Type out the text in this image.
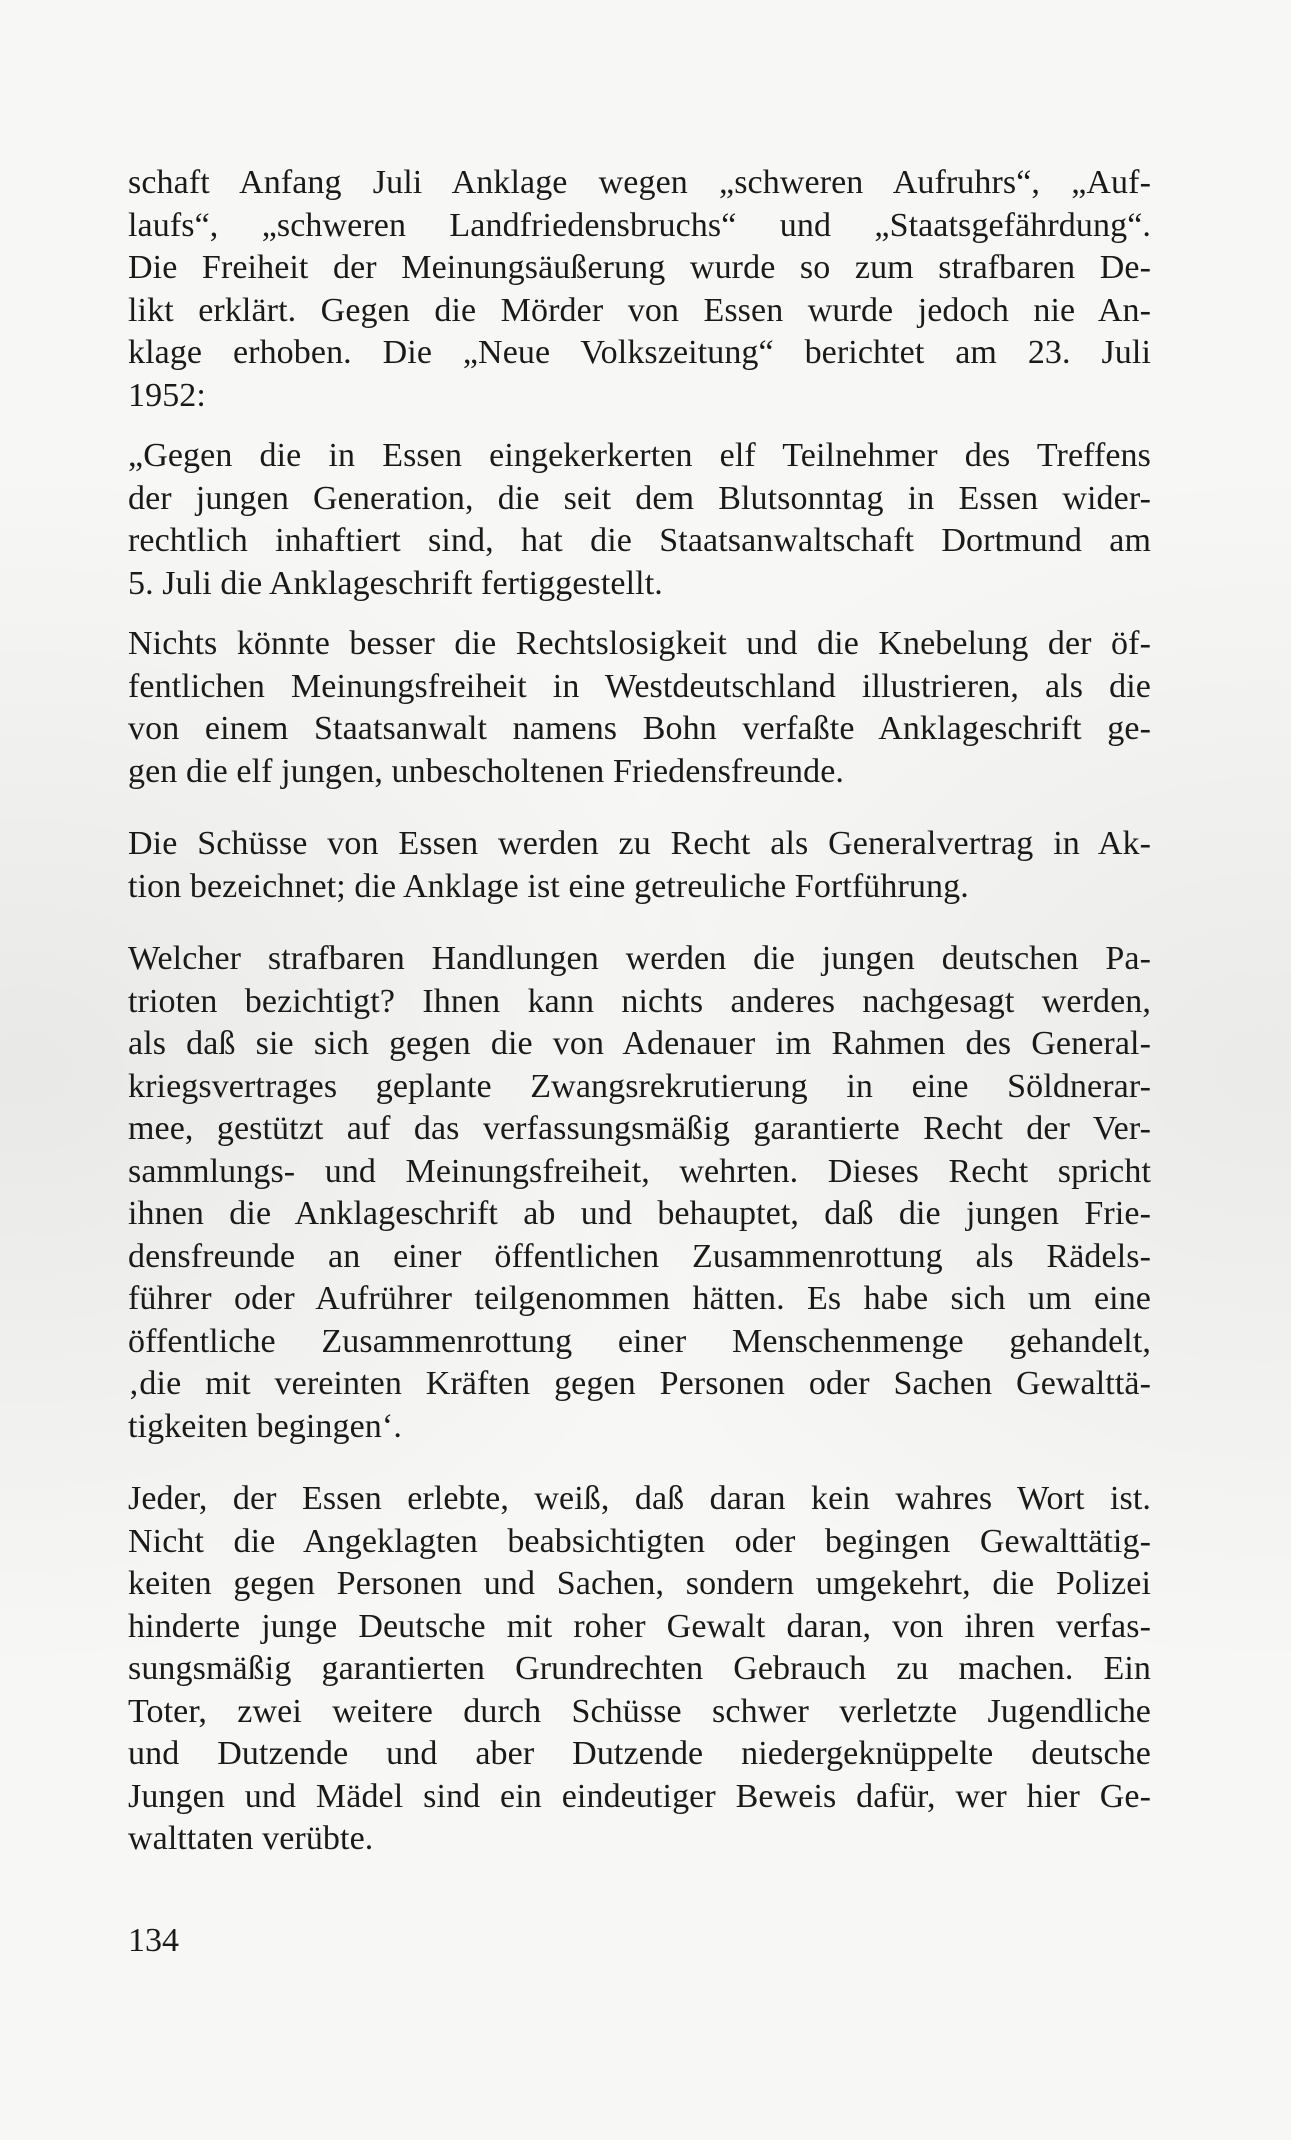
schaft Anfang Juli Anklage wegen „schweren Aufruhrs“, „Auf-
laufs“, „schweren Landfriedensbruchs“ und „Staatsgefährdung“.
Die Freiheit der Meinungsäußerung wurde so zum strafbaren De-
likt erklärt. Gegen die Mörder von Essen wurde jedoch nie An-
klage erhoben. Die „Neue Volkszeitung“ berichtet am 23. Juli
1952:

„Gegen die in Essen eingekerkerten elf Teilnehmer des Treffens
der jungen Generation, die seit dem Blutsonntag in Essen wider-
rechtlich inhaftiert sind, hat die Staatsanwaltschaft Dortmund am
5. Juli die Anklageschrift fertiggestellt.

Nichts könnte besser die Rechtslosigkeit und die Knebelung der öf-
fentlichen Meinungsfreiheit in Westdeutschland illustrieren, als die
von einem Staatsanwalt namens Bohn verfaßte Anklageschrift ge-
gen die elf jungen, unbescholtenen Friedensfreunde.

Die Schüsse von Essen werden zu Recht als Generalvertrag in Ak-
tion bezeichnet; die Anklage ist eine getreuliche Fortführung.

Welcher strafbaren Handlungen werden die jungen deutschen Pa-
trioten bezichtigt? Ihnen kann nichts anderes nachgesagt werden,
als daß sie sich gegen die von Adenauer im Rahmen des General-
kriegsvertrages geplante Zwangsrekrutierung in eine Söldnerar-
mee, gestützt auf das verfassungsmäßig garantierte Recht der Ver-
sammlungs- und Meinungsfreiheit, wehrten. Dieses Recht spricht
ihnen die Anklageschrift ab und behauptet, daß die jungen Frie-
densfreunde an einer öffentlichen Zusammenrottung als Rädels-
führer oder Aufrührer teilgenommen hätten. Es habe sich um eine
öffentliche Zusammenrottung einer Menschenmenge gehandelt,
‚die mit vereinten Kräften gegen Personen oder Sachen Gewalttä-
tigkeiten begingen‘.

Jeder, der Essen erlebte, weiß, daß daran kein wahres Wort ist.
Nicht die Angeklagten beabsichtigten oder begingen Gewalttätig-
keiten gegen Personen und Sachen, sondern umgekehrt, die Polizei
hinderte junge Deutsche mit roher Gewalt daran, von ihren verfas-
sungsmäßig garantierten Grundrechten Gebrauch zu machen. Ein
Toter, zwei weitere durch Schüsse schwer verletzte Jugendliche
und Dutzende und aber Dutzende niedergeknüppelte deutsche
Jungen und Mädel sind ein eindeutiger Beweis dafür, wer hier Ge-
walttaten verübte.

134
